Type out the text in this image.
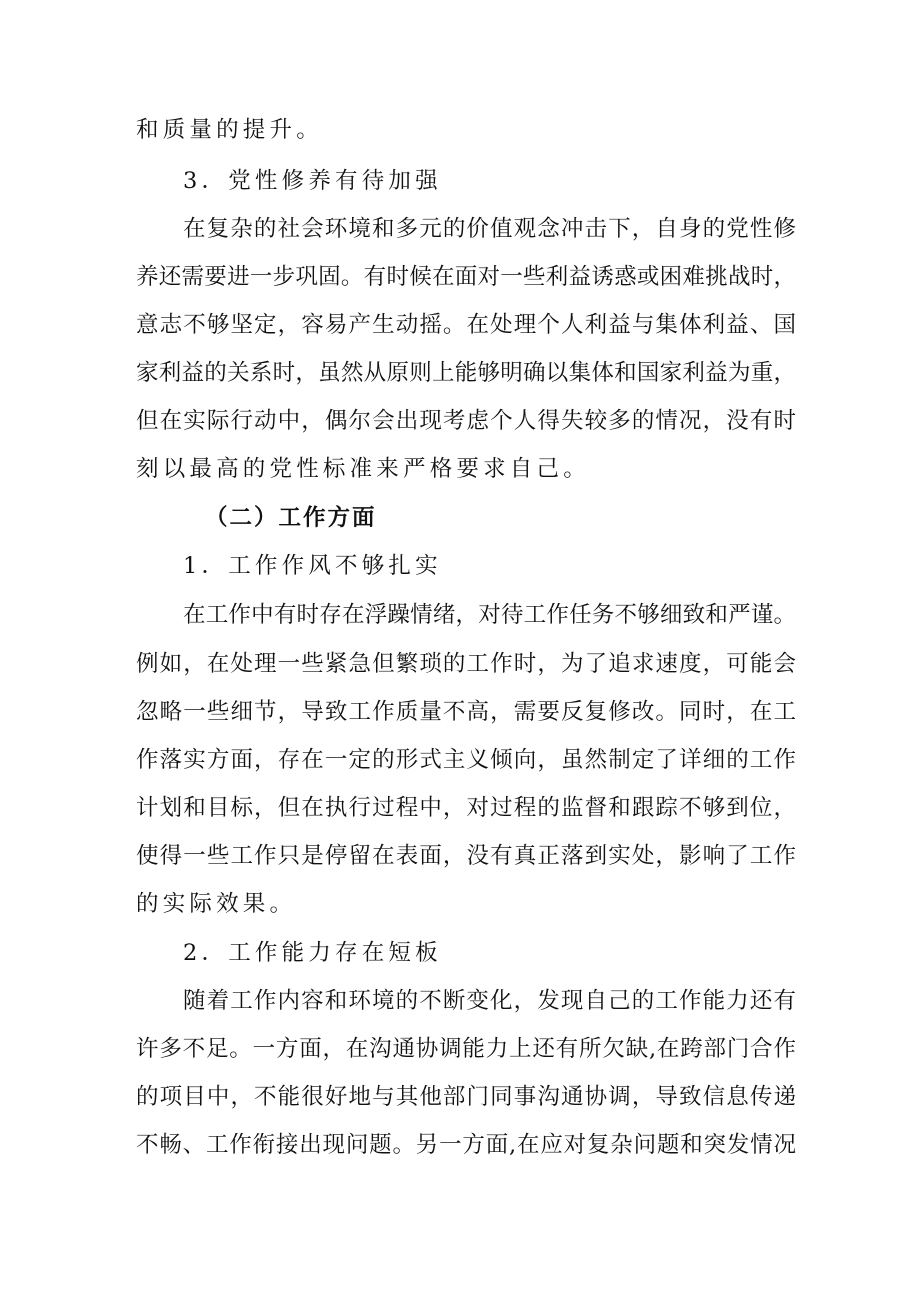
和质量的提升。
3．党性修养有待加强
在复杂的社会环境和多元的价值观念冲击下，自身的党性修
养还需要进一步巩固。有时候在面对一些利益诱惑或困难挑战时，
意志不够坚定，容易产生动摇。在处理个人利益与集体利益、国
家利益的关系时，虽然从原则上能够明确以集体和国家利益为重，
但在实际行动中，偶尔会出现考虑个人得失较多的情况，没有时
刻以最高的党性标准来严格要求自己。
（二）工作方面
1．工作作风不够扎实
在工作中有时存在浮躁情绪，对待工作任务不够细致和严谨。
例如，在处理一些紧急但繁琐的工作时，为了追求速度，可能会
忽略一些细节，导致工作质量不高，需要反复修改。同时，在工
作落实方面，存在一定的形式主义倾向，虽然制定了详细的工作
计划和目标，但在执行过程中，对过程的监督和跟踪不够到位，
使得一些工作只是停留在表面，没有真正落到实处，影响了工作
的实际效果。
2．工作能力存在短板
随着工作内容和环境的不断变化，发现自己的工作能力还有
许多不足。一方面，在沟通协调能力上还有所欠缺,在跨部门合作
的项目中，不能很好地与其他部门同事沟通协调，导致信息传递
不畅、工作衔接出现问题。另一方面,在应对复杂问题和突发情况
